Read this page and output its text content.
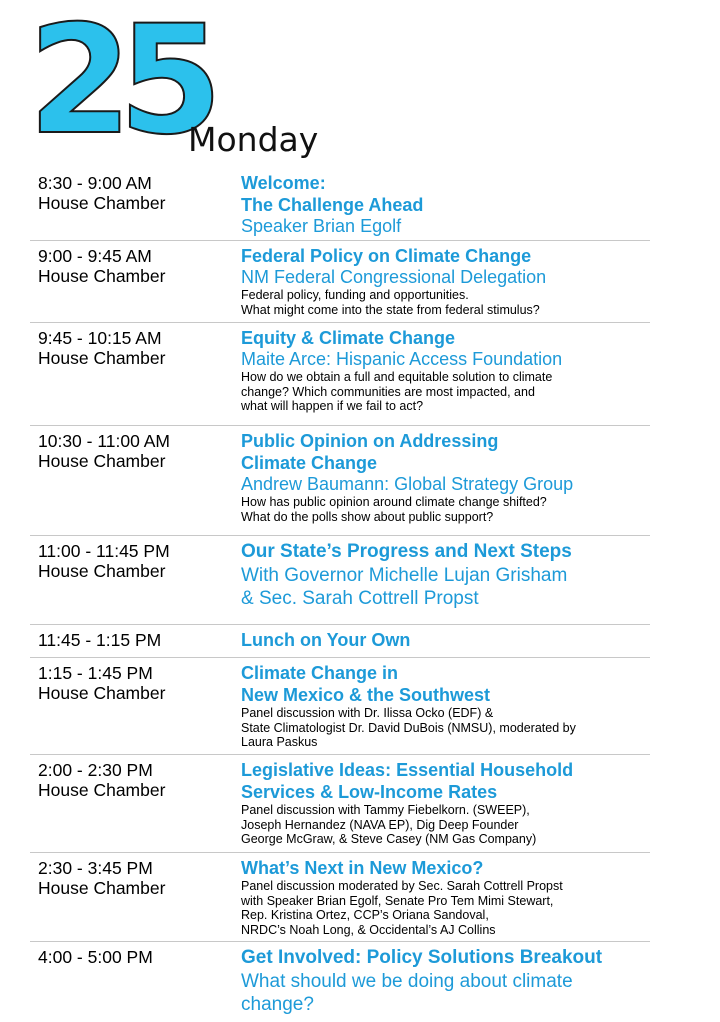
25
Monday
8:30 - 9:00 AM
House Chamber
Welcome:
The Challenge Ahead
Speaker Brian Egolf
9:00 - 9:45 AM
House Chamber
Federal Policy on Climate Change
NM Federal Congressional Delegation
Federal policy, funding and opportunities.
What might come into the state from federal stimulus?
9:45 - 10:15 AM
House Chamber
Equity & Climate Change
Maite Arce: Hispanic Access Foundation
How do we obtain a full and equitable solution to climate
change? Which communities are most impacted, and
what will happen if we fail to act?
10:30 - 11:00 AM
House Chamber
Public Opinion on Addressing
Climate Change
Andrew Baumann: Global Strategy Group
How has public opinion around climate change shifted?
What do the polls show about public support?
11:00 - 11:45 PM
House Chamber
Our State’s Progress and Next Steps
With Governor Michelle Lujan Grisham
& Sec. Sarah Cottrell Propst
11:45 - 1:15 PM	Lunch on Your Own
1:15 - 1:45 PM
House Chamber
Climate Change in
New Mexico & the Southwest
Panel discussion with Dr. Ilissa Ocko (EDF) &
State Climatologist Dr. David DuBois (NMSU), moderated by
Laura Paskus
2:00 - 2:30 PM
House Chamber
Legislative Ideas: Essential Household
Services & Low-Income Rates
Panel discussion with Tammy Fiebelkorn. (SWEEP),
Joseph Hernandez (NAVA EP), Dig Deep Founder
George McGraw, & Steve Casey (NM Gas Company)
2:30 - 3:45 PM
House Chamber
What’s Next in New Mexico?
Panel discussion moderated by Sec. Sarah Cottrell Propst
with Speaker Brian Egolf, Senate Pro Tem Mimi Stewart,
Rep. Kristina Ortez, CCP’s Oriana Sandoval,
NRDC’s Noah Long, & Occidental’s AJ Collins
4:00 - 5:00 PM	Get Involved: Policy Solutions Breakout
What should we be doing about climate
change?
